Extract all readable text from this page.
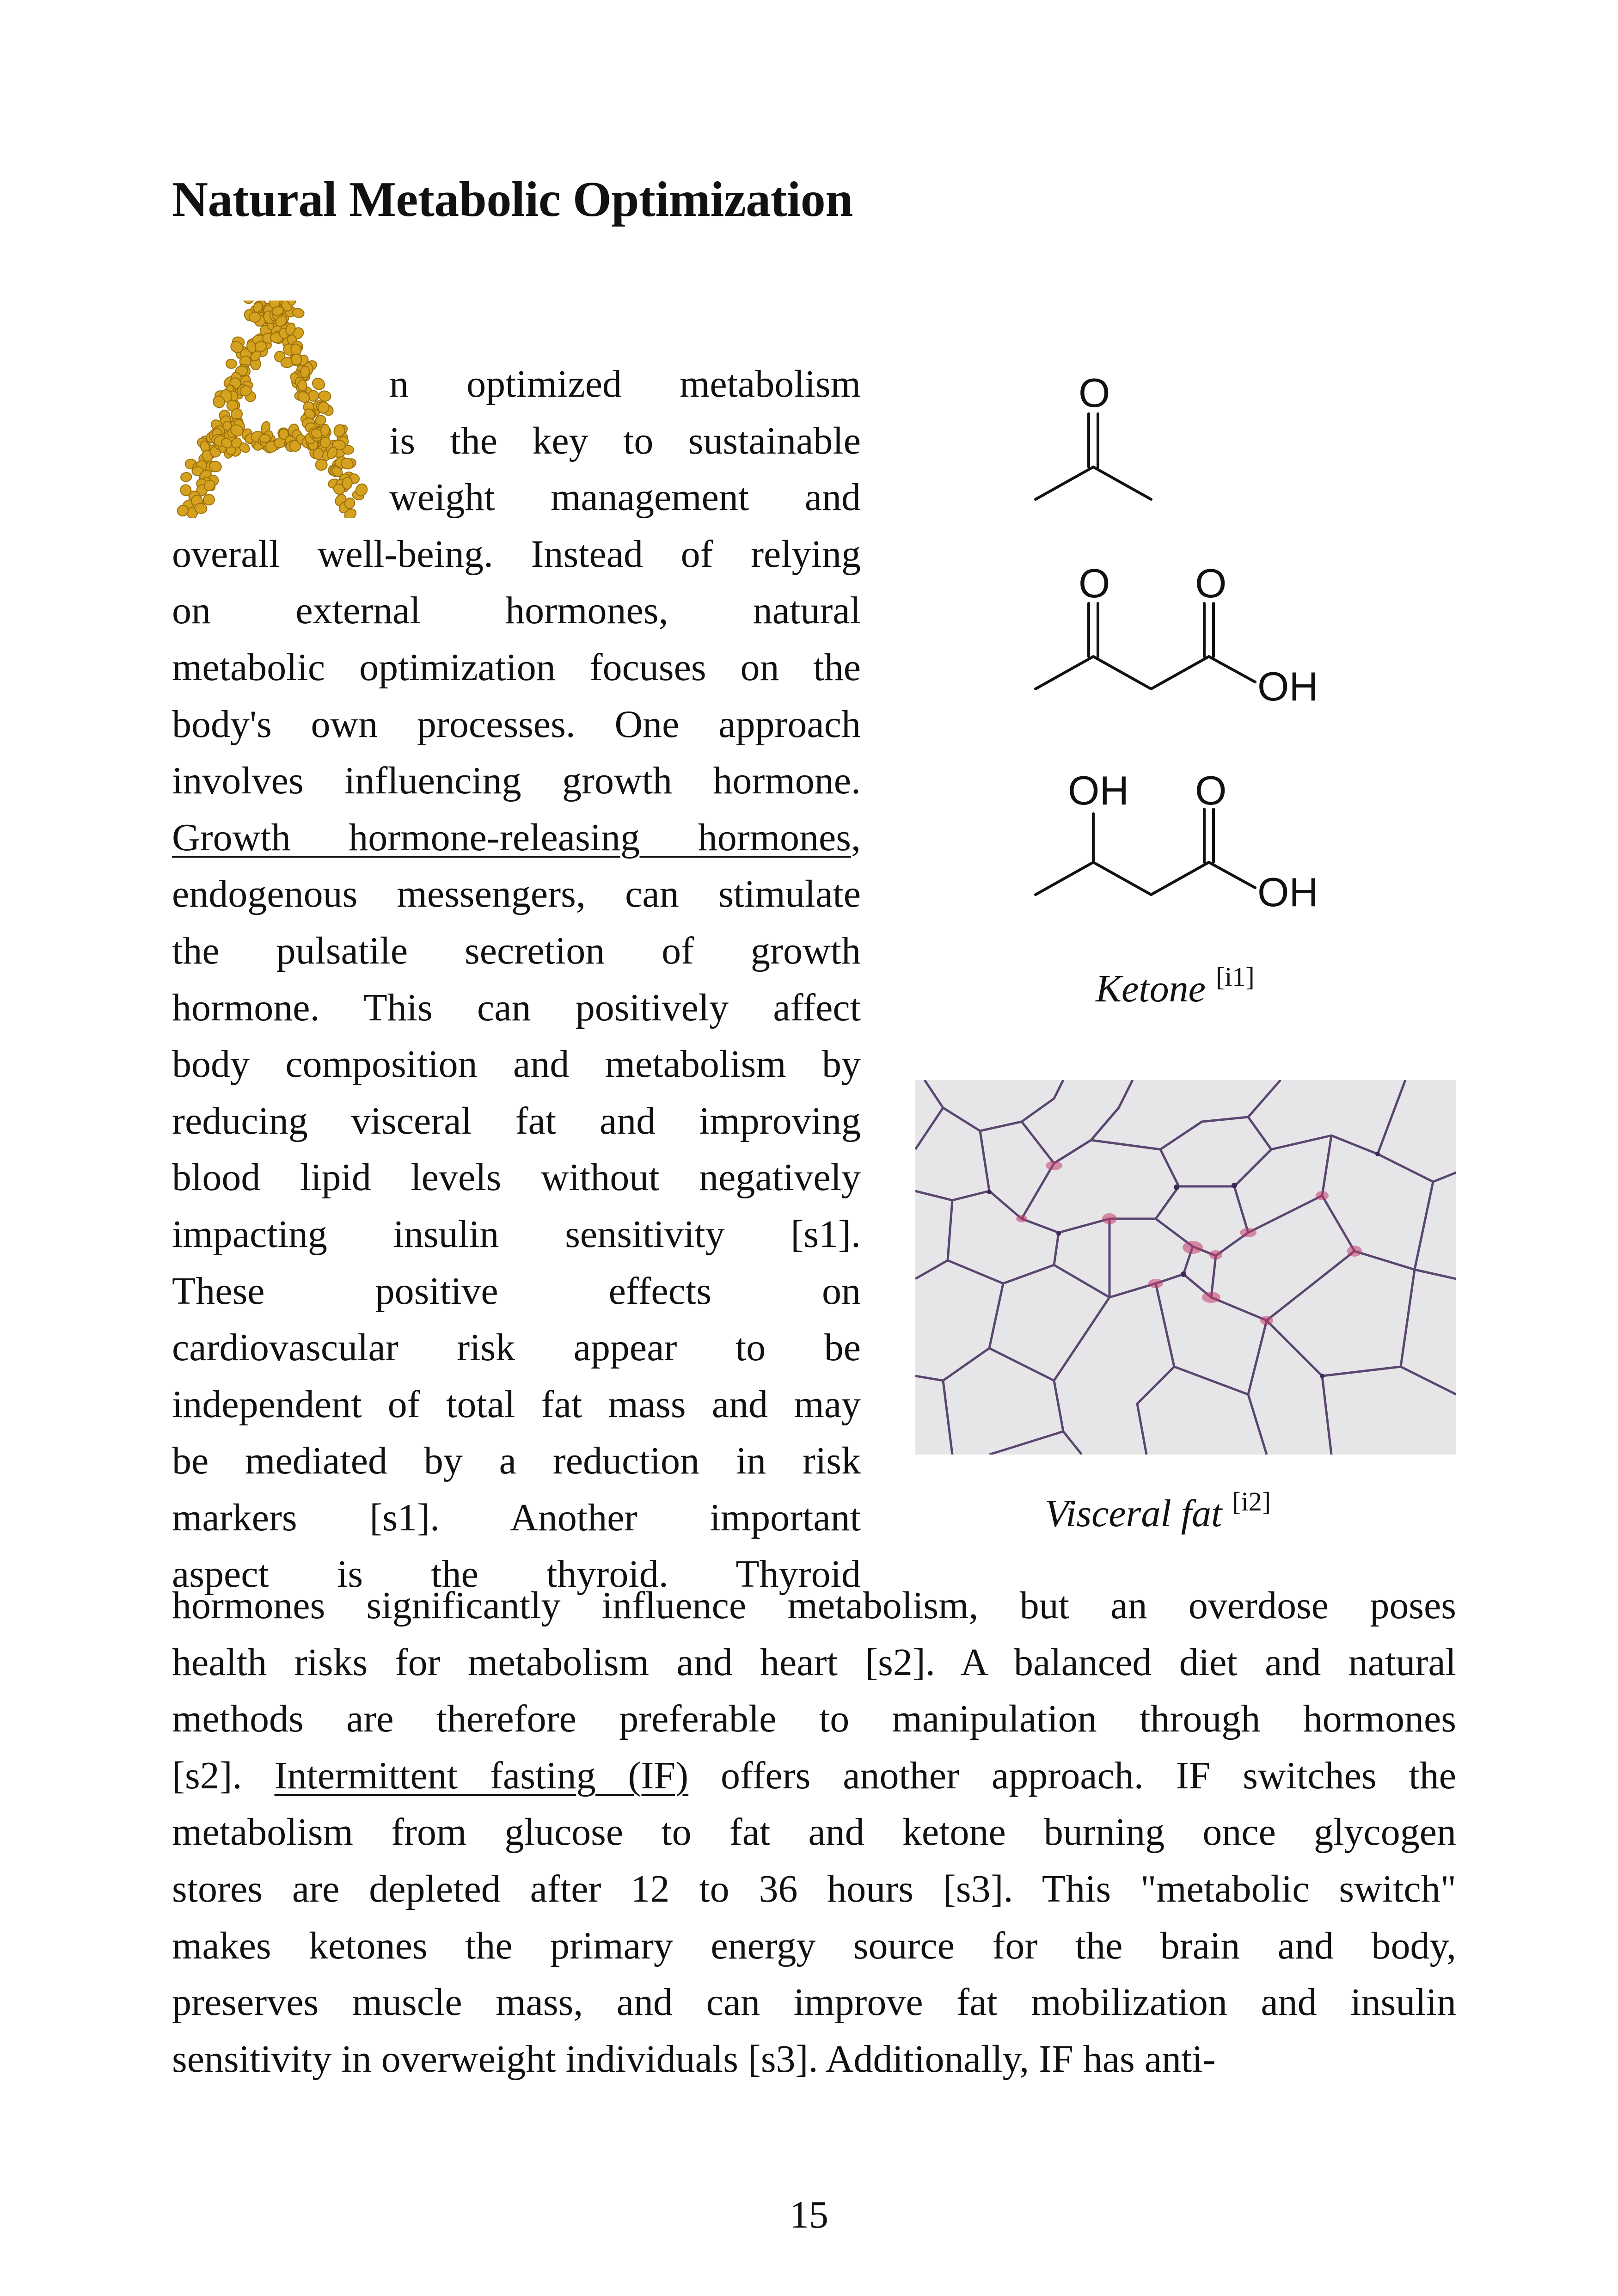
Natural Metabolic Optimization
n optimized metabolism
is the key to sustainable
weight management and
overall well-being. Instead of relying
on external hormones, natural
metabolic optimization focuses on the
body's own processes. One approach
involves influencing growth hormone.
Growth hormone-releasing hormones,
endogenous messengers, can stimulate
the pulsatile secretion of growth
hormone. This can positively affect
body composition and metabolism by
reducing visceral fat and improving
blood lipid levels without negatively
impacting insulin sensitivity [s1].
These positive effects on
cardiovascular risk appear to be
independent of total fat mass and may
be mediated by a reduction in risk
markers [s1]. Another important
aspect is the thyroid. Thyroid
hormones significantly influence metabolism, but an overdose poses
health risks for metabolism and heart [s2]. A balanced diet and natural
methods are therefore preferable to manipulation through hormones
[s2]. Intermittent fasting (IF) offers another approach. IF switches the
metabolism from glucose to fat and ketone burning once glycogen
stores are depleted after 12 to 36 hours [s3]. This "metabolic switch"
makes ketones the primary energy source for the brain and body,
preserves muscle mass, and can improve fat mobilization and insulin
sensitivity in overweight individuals [s3]. Additionally, IF has anti-
O
O O
OH
OH O
OH
Ketone [i1]
Visceral fat [i2]
15
